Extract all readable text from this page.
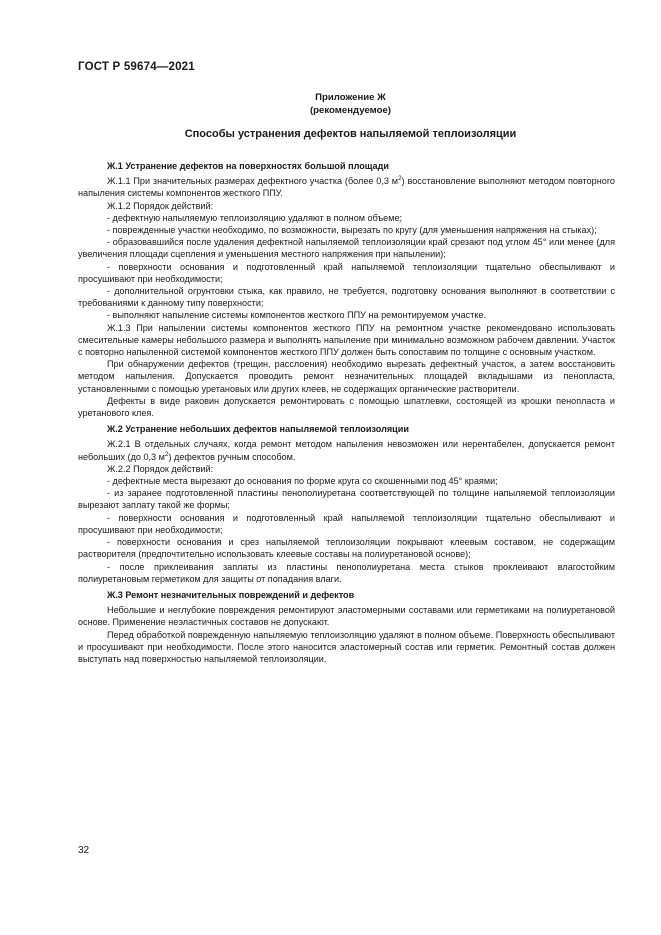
ГОСТ Р 59674—2021
Приложение Ж
(рекомендуемое)
Способы устранения дефектов напыляемой теплоизоляции

Ж.1 Устранение дефектов на поверхностях большой площади

Ж.1.1 При значительных размерах дефектного участка (более 0,3 $м^2$) восстановление выполняют методом повторного напыления системы компонентов жесткого ППУ.

Ж.1.2 Порядок действий:

- дефектную напыляемую теплоизоляцию удаляют в полном объеме;

- поврежденные участки необходимо, по возможности, вырезать по кругу (для уменьшения напряжения на стыках);

- образовавшийся после удаления дефектной напыляемой теплоизоляции край срезают под углом 45° или менее (для увеличения площади сцепления и уменьшения местного напряжения при напылении);

- поверхности основания и подготовленный край напыляемой теплоизоляции тщательно обеспыливают и просушивают при необходимости;

- дополнительной огрунтовки стыка, как правило, не требуется, подготовку основания выполняют в соответствии с требованиями к данному типу поверхности;

- выполняют напыление системы компонентов жесткого ППУ на ремонтируемом участке.

Ж.1.3 При напылении системы компонентов жесткого ППУ на ремонтном участке рекомендовано использовать смесительные камеры небольшого размера и выполнять напыление при минимально возможном рабочем давлении. Участок с повторно напыленной системой компонентов жесткого ППУ должен быть сопоставим по толщине с основным участком.

При обнаружении дефектов (трещин, расслоения) необходимо вырезать дефектный участок, а затем восстановить методом напыления. Допускается проводить ремонт незначительных площадей вкладышами из пенопласта, установленными с помощью уретановых или других клеев, не содержащих органические растворители.

Дефекты в виде раковин допускается ремонтировать с помощью шпатлевки, состоящей из крошки пенопласта и уретанового клея.

Ж.2 Устранение небольших дефектов напыляемой теплоизоляции

Ж.2.1 В отдельных случаях, когда ремонт методом напыления невозможен или нерентабелен, допускается ремонт небольших (до 0,3 $м^2$) дефектов ручным способом.

Ж.2.2 Порядок действий:

- дефектные места вырезают до основания по форме круга со скошенными под 45° краями;

- из заранее подготовленной пластины пенополиуретана соответствующей по толщине напыляемой теплоизоляции вырезают заплату такой же формы;

- поверхности основания и подготовленный край напыляемой теплоизоляции тщательно обеспыливают и просушивают при необходимости;

- поверхности основания и срез напыляемой теплоизоляции покрывают клеевым составом, не содержащим растворителя (предпочтительно использовать клеевые составы на полиуретановой основе);

- после приклеивания заплаты из пластины пенополиуретана места стыков проклеивают влагостойким полиуретановым герметиком для защиты от попадания влаги.

Ж.3 Ремонт незначительных повреждений и дефектов

Небольшие и неглубокие повреждения ремонтируют эластомерными составами или герметиками на полиуретановой основе. Применение неэластичных составов не допускают.

Перед обработкой поврежденную напыляемую теплоизоляцию удаляют в полном объеме. Поверхность обеспыливают и просушивают при необходимости. После этого наносится эластомерный состав или герметик. Ремонтный состав должен выступать над поверхностью напыляемой теплоизоляции.

32
